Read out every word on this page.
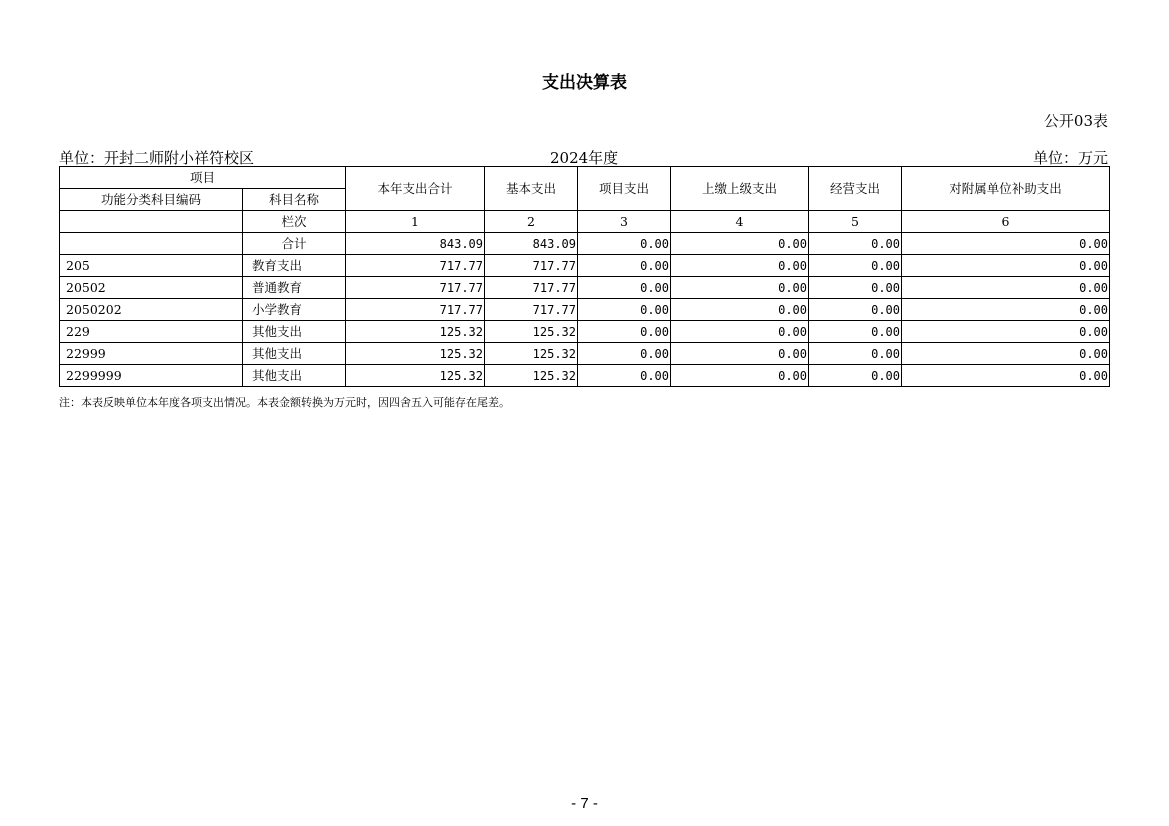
支出决算表
公开03表
单位：开封二师附小祥符校区	2024年度	单位：万元
项目		本年支出合计	基本支出	项目支出	上缴上级支出	经营支出	对附属单位补助支出
功能分类科目编码	科目名称						
	栏次	1	2	3	4	5	6
	合计	843.09	843.09	0.00	0.00	0.00	0.00
205	教育支出	717.77	717.77	0.00	0.00	0.00	0.00
20502	普通教育	717.77	717.77	0.00	0.00	0.00	0.00
2050202	小学教育	717.77	717.77	0.00	0.00	0.00	0.00
229	其他支出	125.32	125.32	0.00	0.00	0.00	0.00
22999	其他支出	125.32	125.32	0.00	0.00	0.00	0.00
2299999	其他支出	125.32	125.32	0.00	0.00	0.00	0.00
注：本表反映单位本年度各项支出情况。本表金额转换为万元时，因四舍五入可能存在尾差。
- 7 -
